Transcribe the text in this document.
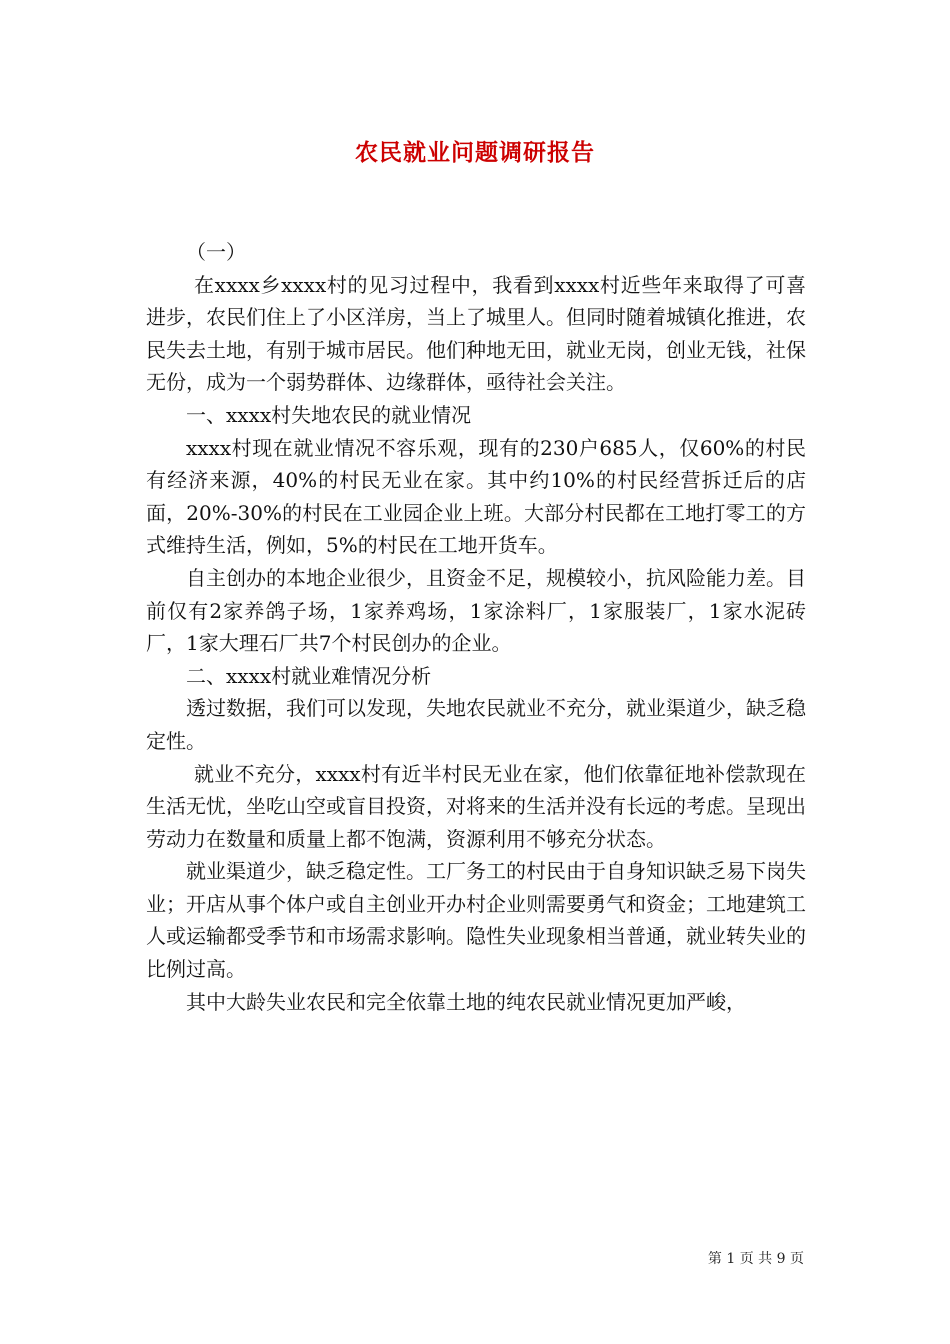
农民就业问题调研报告

（一）

在xxxx乡xxxx村的见习过程中，我看到xxxx村近些年来取得了可喜进步，农民们住上了小区洋房，当上了城里人。但同时随着城镇化推进，农民失去土地，有别于城市居民。他们种地无田，就业无岗，创业无钱，社保无份，成为一个弱势群体、边缘群体，亟待社会关注。

一、xxxx村失地农民的就业情况

xxxx村现在就业情况不容乐观，现有的230户685人，仅60%的村民有经济来源，40%的村民无业在家。其中约10%的村民经营拆迁后的店面，20%-30%的村民在工业园企业上班。大部分村民都在工地打零工的方式维持生活，例如，5%的村民在工地开货车。

自主创办的本地企业很少，且资金不足，规模较小，抗风险能力差。目前仅有2家养鸽子场，1家养鸡场，1家涂料厂，1家服装厂，1家水泥砖厂，1家大理石厂共7个村民创办的企业。

二、xxxx村就业难情况分析

透过数据，我们可以发现，失地农民就业不充分，就业渠道少，缺乏稳定性。

就业不充分，xxxx村有近半村民无业在家，他们依靠征地补偿款现在生活无忧，坐吃山空或盲目投资，对将来的生活并没有长远的考虑。呈现出劳动力在数量和质量上都不饱满，资源利用不够充分状态。

就业渠道少，缺乏稳定性。工厂务工的村民由于自身知识缺乏易下岗失业；开店从事个体户或自主创业开办村企业则需要勇气和资金；工地建筑工人或运输都受季节和市场需求影响。隐性失业现象相当普通，就业转失业的比例过高。

其中大龄失业农民和完全依靠土地的纯农民就业情况更加严峻，

第 1 页 共 9 页
